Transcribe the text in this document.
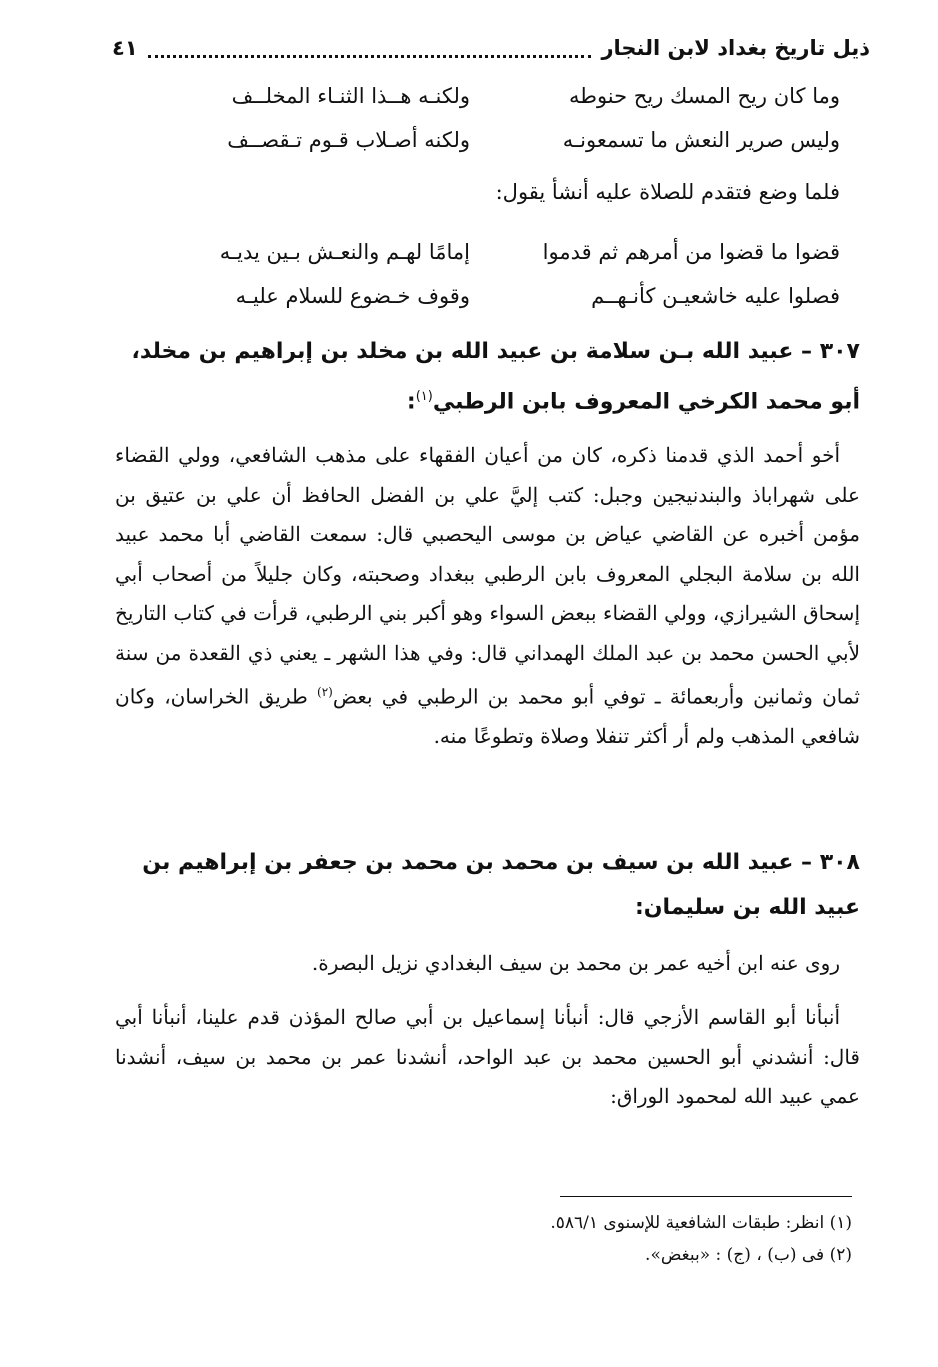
ذيل تاريخ بغداد لابن النجار
٤١
وما كان ريح المسك ريح حنوطه
ولكنـه هــذا الثنـاء المخلــف
وليس صرير النعش ما تسمعونـه
ولكنه أصـلاب قـوم تـقصــف
فلما وضع فتقدم للصلاة عليه أنشأ يقول:
قضوا ما قضوا من أمرهم ثم قدموا
إمامًا لهـم والنعـش بـين يديـه
فصلوا عليه خاشعيـن كأنـهــم
وقوف خـضوع للسلام عليـه
٣٠٧ – عبيد الله بـن سلامة بن عبيد الله بن مخلد بن إبراهيم بن مخلد،
أبو محمد الكرخي المعروف بابن الرطبي$^{(١)}$:
أخو أحمد الذي قدمنا ذكره، كان من أعيان الفقهاء على مذهب الشافعي، وولي القضاء على شهراباذ والبندنيجين وجبل: كتب إليَّ علي بن الفضل الحافظ أن علي بن عتيق بن مؤمن أخبره عن القاضي عياض بن موسى اليحصبي قال: سمعت القاضي أبا محمد عبيد الله بن سلامة البجلي المعروف بابن الرطبي ببغداد وصحبته، وكان جليلاً من أصحاب أبي إسحاق الشيرازي، وولي القضاء ببعض السواء وهو أكبر بني الرطبي، قرأت في كتاب التاريخ لأبي الحسن محمد بن عبد الملك الهمداني قال: وفي هذا الشهر ـ يعني ذي القعدة من سنة ثمان وثمانين وأربعمائة ـ توفي أبو محمد بن الرطبي في بعض$^{(٢)}$ طريق الخراسان، وكان شافعي المذهب ولم أر أكثر تنفلا وصلاة وتطوعًا منه.
٣٠٨ – عبيد الله بن سيف بن محمد بن محمد بن جعفر بن إبراهيم بن عبيد الله بن سليمان:
روى عنه ابن أخيه عمر بن محمد بن سيف البغدادي نزيل البصرة.
أنبأنا أبو القاسم الأزجي قال: أنبأنا إسماعيل بن أبي صالح المؤذن قدم علينا، أنبأنا أبي قال: أنشدني أبو الحسين محمد بن عبد الواحد، أنشدنا عمر بن محمد بن سيف، أنشدنا عمي عبيد الله لمحمود الوراق:
(١) انظر: طبقات الشافعية للإسنوى ٥٨٦/١.
(٢) فى (ب) ، (ج) : «ببغض».
